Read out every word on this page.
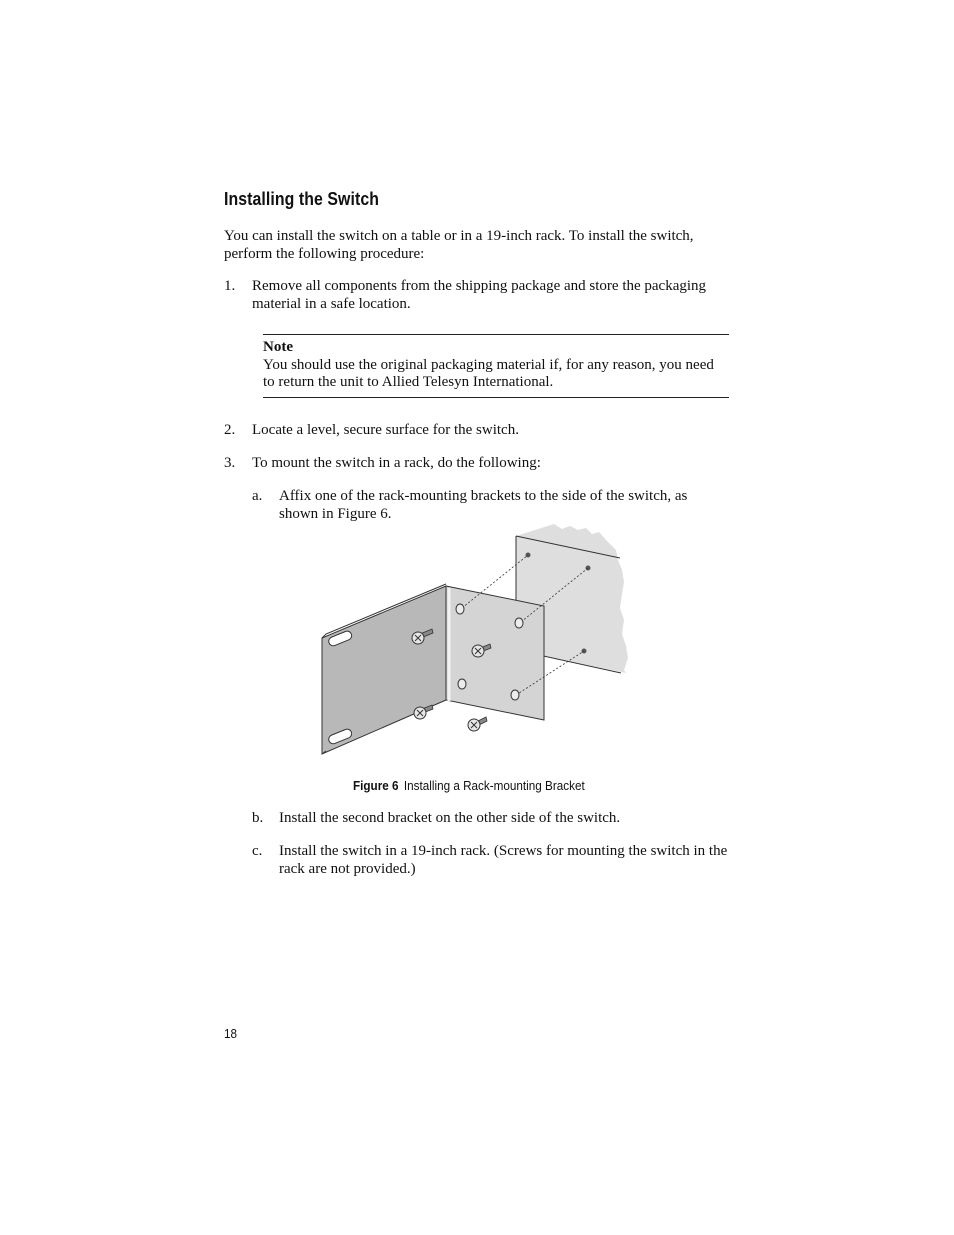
Installing the Switch
You can install the switch on a table or in a 19-inch rack. To install the switch, perform the following procedure:
1. Remove all components from the shipping package and store the packaging material in a safe location.
Note
You should use the original packaging material if, for any reason, you need to return the unit to Allied Telesyn International.
2. Locate a level, secure surface for the switch.
3. To mount the switch in a rack, do the following:
a. Affix one of the rack-mounting brackets to the side of the switch, as shown in Figure 6.
Figure 6 Installing a Rack-mounting Bracket
b. Install the second bracket on the other side of the switch.
c. Install the switch in a 19-inch rack. (Screws for mounting the switch in the rack are not provided.)
18
